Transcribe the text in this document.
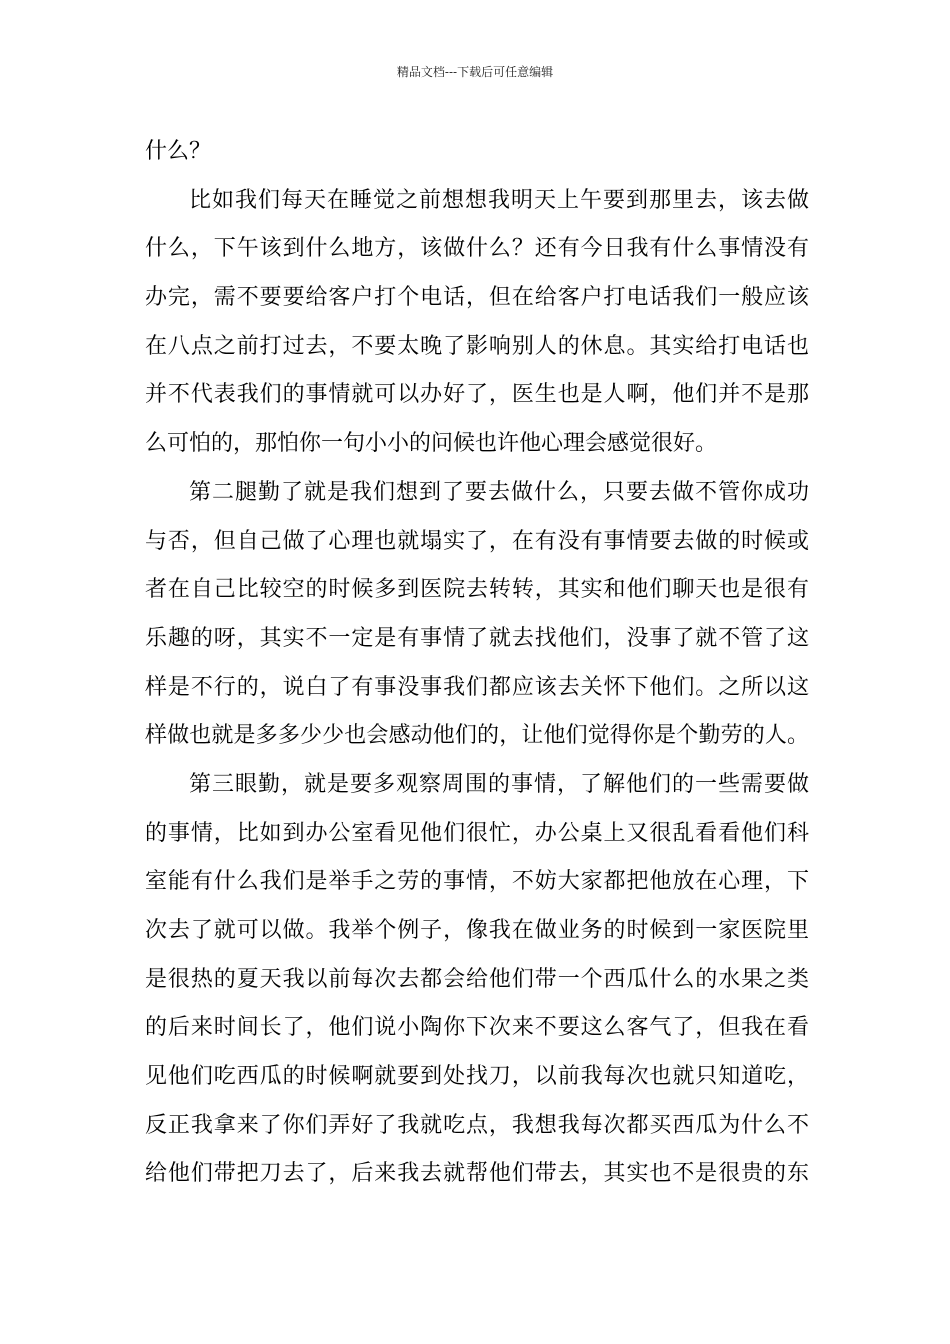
精品文档---下载后可任意编辑
什么？
比如我们每天在睡觉之前想想我明天上午要到那里去，该去做
什么，下午该到什么地方，该做什么？还有今日我有什么事情没有
办完，需不要要给客户打个电话，但在给客户打电话我们一般应该
在八点之前打过去，不要太晚了影响别人的休息。其实给打电话也
并不代表我们的事情就可以办好了，医生也是人啊，他们并不是那
么可怕的，那怕你一句小小的问候也许他心理会感觉很好。
第二腿勤了就是我们想到了要去做什么，只要去做不管你成功
与否，但自己做了心理也就塌实了，在有没有事情要去做的时候或
者在自己比较空的时候多到医院去转转，其实和他们聊天也是很有
乐趣的呀，其实不一定是有事情了就去找他们，没事了就不管了这
样是不行的，说白了有事没事我们都应该去关怀下他们。之所以这
样做也就是多多少少也会感动他们的，让他们觉得你是个勤劳的人。
第三眼勤，就是要多观察周围的事情，了解他们的一些需要做
的事情，比如到办公室看见他们很忙，办公桌上又很乱看看他们科
室能有什么我们是举手之劳的事情，不妨大家都把他放在心理，下
次去了就可以做。我举个例子，像我在做业务的时候到一家医院里
是很热的夏天我以前每次去都会给他们带一个西瓜什么的水果之类
的后来时间长了，他们说小陶你下次来不要这么客气了，但我在看
见他们吃西瓜的时候啊就要到处找刀，以前我每次也就只知道吃，
反正我拿来了你们弄好了我就吃点，我想我每次都买西瓜为什么不
给他们带把刀去了，后来我去就帮他们带去，其实也不是很贵的东
